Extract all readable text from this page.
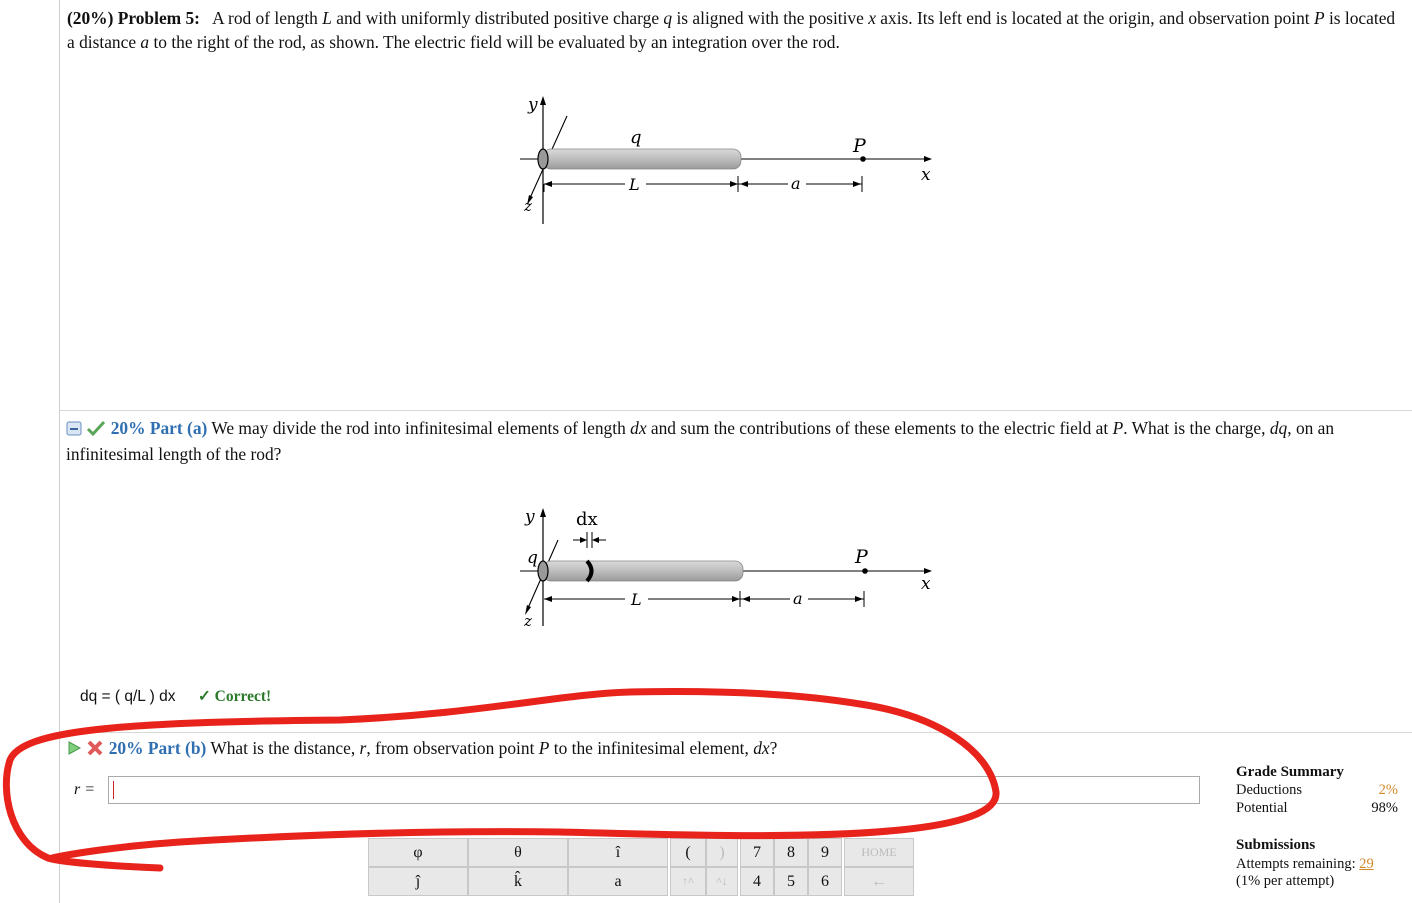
(20%) Problem 5: A rod of length L and with uniformly distributed positive charge q is aligned with the positive x axis. Its left end is located at the origin, and observation point P is located a distance a to the right of the rod, as shown. The electric field will be evaluated by an integration over the rod.
y
q	P
x
z
L	a
20% Part (a) We may divide the rod into infinitesimal elements of length dx and sum the contributions of these elements to the electric field at P. What is the charge, dq, on an infinitesimal length of the rod?
y dx
q	P
x
z
L	a
dq = ( q/L ) dx ✓ Correct!
20% Part (b) What is the distance, r, from observation point P to the infinitesimal element, dx?
r =
φ	θ	î	(	)	7	8	9	HOME
ĵ	k̂	a	↑^	^↓	4	5	6	←
Grade Summary
Deductions	2%
Potential	98%
Submissions
Attempts remaining: 29
(1% per attempt)
